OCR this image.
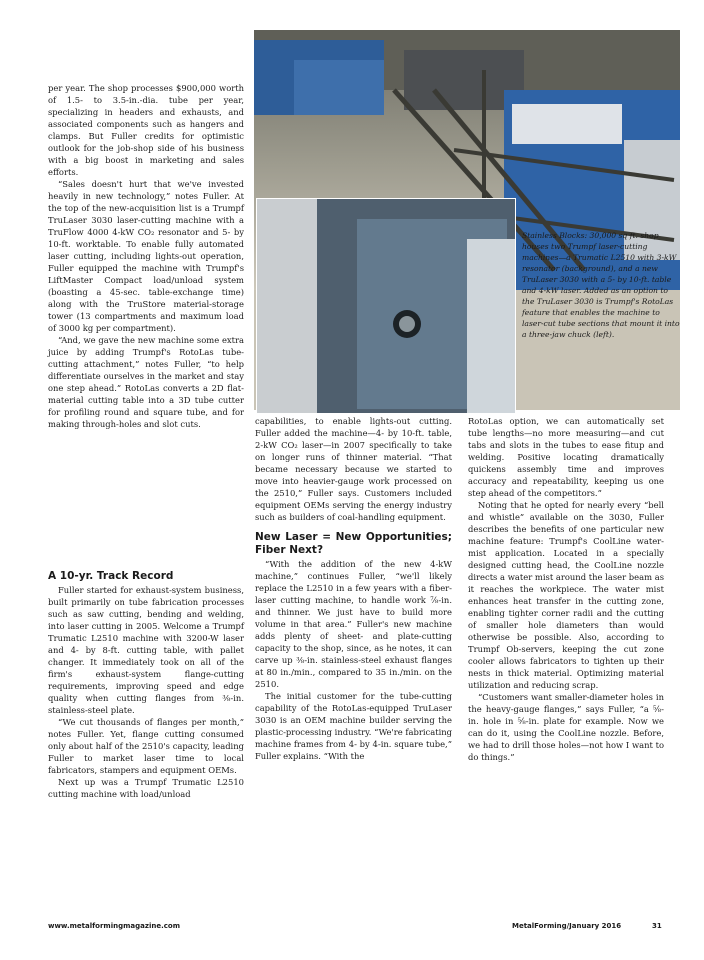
Stainless Blocks: 30,000 sq ft. shop houses two Trumpf laser-cutting machines—a Trumatic L2510 with 3-kW resonator (background), and a new TruLaser 3030 with a 5- by 10-ft. table and 4-kW laser. Added as an option to the TruLaser 3030 is Trumpf's RotoLas feature that enables the machine to laser-cut tube sections that mount it into a three-jaw chuck (left).

per year. The shop processes $900,000 worth of 1.5- to 3.5-in.-dia. tube per year, specializing in headers and exhausts, and associated components such as hangers and clamps. But Fuller credits for optimistic outlook for the job-shop side of his business with a big boost in marketing and sales efforts.

“Sales doesn't hurt that we've invested heavily in new technology,” notes Fuller. At the top of the new-acquisition list is a Trumpf TruLaser 3030 laser-cutting machine with a TruFlow 4000 4-kW CO₂ resonator and 5- by 10-ft. worktable. To enable fully automated laser cutting, including lights-out operation, Fuller equipped the machine with Trumpf's LiftMaster Compact load/unload system (boasting a 45-sec. table-exchange time) along with the TruStore material-storage tower (13 compartments and maximum load of 3000 kg per compartment).

“And, we gave the new machine some extra juice by adding Trumpf's RotoLas tube-cutting attachment,” notes Fuller, “to help differentiate ourselves in the market and stay one step ahead.” RotoLas converts a 2D flat-material cutting table into a 3D tube cutter for profiling round and square tube, and for making through-holes and slot cuts.

A 10-yr. Track Record

Fuller started for exhaust-system business, built primarily on tube fabrication processes such as saw cutting, bending and welding, into laser cutting in 2005. Welcome a Trumpf Trumatic L2510 machine with 3200-W laser and 4- by 8-ft. cutting table, with pallet changer. It immediately took on all of the firm's exhaust-system flange-cutting requirements, improving speed and edge quality when cutting flanges from ⅜-in. stainless-steel plate.

“We cut thousands of flanges per month,” notes Fuller. Yet, flange cutting consumed only about half of the 2510's capacity, leading Fuller to market laser time to local fabricators, stampers and equipment OEMs.

Next up was a Trumpf Trumatic L2510 cutting machine with load/unload

capabilities, to enable lights-out cutting. Fuller added the machine—4- by 10-ft. table, 2-kW CO₂ laser—in 2007 specifically to take on longer runs of thinner material. “That became necessary because we started to move into heavier-gauge work processed on the 2510,” Fuller says. Customers included equipment OEMs serving the energy industry such as builders of coal-handling equipment.

New Laser = New Opportunities; Fiber Next?

“With the addition of the new 4-kW machine,” continues Fuller, “we'll likely replace the L2510 in a few years with a fiber-laser cutting machine, to handle work ⅞-in. and thinner. We just have to build more volume in that area.” Fuller's new machine adds plenty of sheet- and plate-cutting capacity to the shop, since, as he notes, it can carve up ⅜-in. stainless-steel exhaust flanges at 80 in./min., compared to 35 in./min. on the 2510.

The initial customer for the tube-cutting capability of the RotoLas-equipped TruLaser 3030 is an OEM machine builder serving the plastic-processing industry. “We're fabricating machine frames from 4- by 4-in. square tube,” Fuller explains. “With the

RotoLas option, we can automatically set tube lengths—no more measuring—and cut tabs and slots in the tubes to ease fitup and welding. Positive locating dramatically quickens assembly time and improves accuracy and repeatability, keeping us one step ahead of the competitors.”

Noting that he opted for nearly every “bell and whistle” available on the 3030, Fuller describes the benefits of one particular new machine feature: Trumpf's CoolLine water-mist application. Located in a specially designed cutting head, the CoolLine nozzle directs a water mist around the laser beam as it reaches the workpiece. The water mist enhances heat transfer in the cutting zone, enabling tighter corner radii and the cutting of smaller hole diameters than would otherwise be possible. Also, according to Trumpf Ob-servers, keeping the cut zone cooler allows fabricators to tighten up their nests in thick material. Optimizing material utilization and reducing scrap.

“Customers want smaller-diameter holes in the heavy-gauge flanges,” says Fuller, “a ⅝-in. hole in ⅝-in. plate for example. Now we can do it, using the CoolLine nozzle. Before, we had to drill those holes—not how I want to do things.”

www.metalformingmagazine.com	MetalForming/January 2016	31
